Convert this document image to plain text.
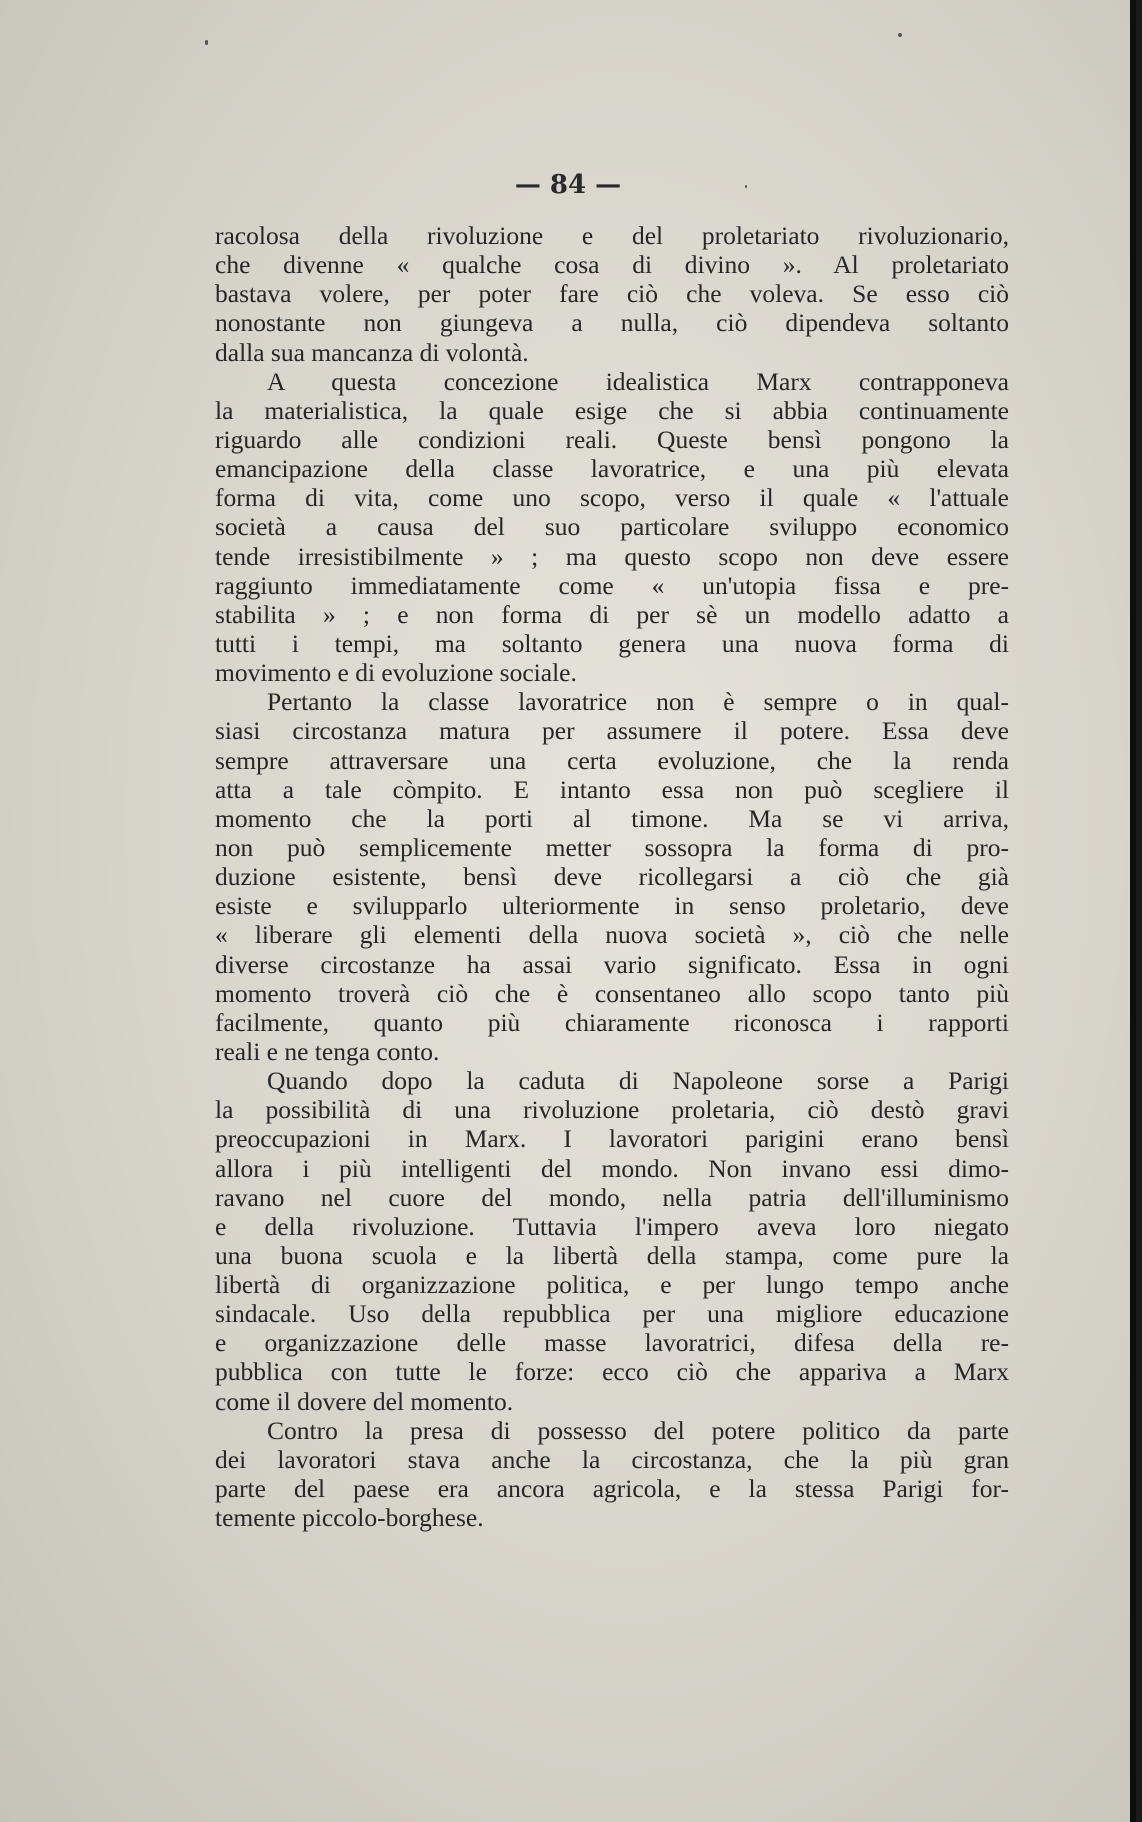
— 84 —
racolosa della rivoluzione e del proletariato rivoluzionario,
che divenne « qualche cosa di divino ». Al proletariato
bastava volere, per poter fare ciò che voleva. Se esso ciò
nonostante non giungeva a nulla, ciò dipendeva soltanto
dalla sua mancanza di volontà.
A questa concezione idealistica Marx contrapponeva
la materialistica, la quale esige che si abbia continuamente
riguardo alle condizioni reali. Queste bensì pongono la
emancipazione della classe lavoratrice, e una più elevata
forma di vita, come uno scopo, verso il quale « l'attuale
società a causa del suo particolare sviluppo economico
tende irresistibilmente » ; ma questo scopo non deve essere
raggiunto immediatamente come « un'utopia fissa e pre-
stabilita » ; e non forma di per sè un modello adatto a
tutti i tempi, ma soltanto genera una nuova forma di
movimento e di evoluzione sociale.
Pertanto la classe lavoratrice non è sempre o in qual-
siasi circostanza matura per assumere il potere. Essa deve
sempre attraversare una certa evoluzione, che la renda
atta a tale còmpito. E intanto essa non può scegliere il
momento che la porti al timone. Ma se vi arriva,
non può semplicemente metter sossopra la forma di pro-
duzione esistente, bensì deve ricollegarsi a ciò che già
esiste e svilupparlo ulteriormente in senso proletario, deve
« liberare gli elementi della nuova società », ciò che nelle
diverse circostanze ha assai vario significato. Essa in ogni
momento troverà ciò che è consentaneo allo scopo tanto più
facilmente, quanto più chiaramente riconosca i rapporti
reali e ne tenga conto.
Quando dopo la caduta di Napoleone sorse a Parigi
la possibilità di una rivoluzione proletaria, ciò destò gravi
preoccupazioni in Marx. I lavoratori parigini erano bensì
allora i più intelligenti del mondo. Non invano essi dimo-
ravano nel cuore del mondo, nella patria dell'illuminismo
e della rivoluzione. Tuttavia l'impero aveva loro niegato
una buona scuola e la libertà della stampa, come pure la
libertà di organizzazione politica, e per lungo tempo anche
sindacale. Uso della repubblica per una migliore educazione
e organizzazione delle masse lavoratrici, difesa della re-
pubblica con tutte le forze: ecco ciò che appariva a Marx
come il dovere del momento.
Contro la presa di possesso del potere politico da parte
dei lavoratori stava anche la circostanza, che la più gran
parte del paese era ancora agricola, e la stessa Parigi for-
temente piccolo-borghese.
